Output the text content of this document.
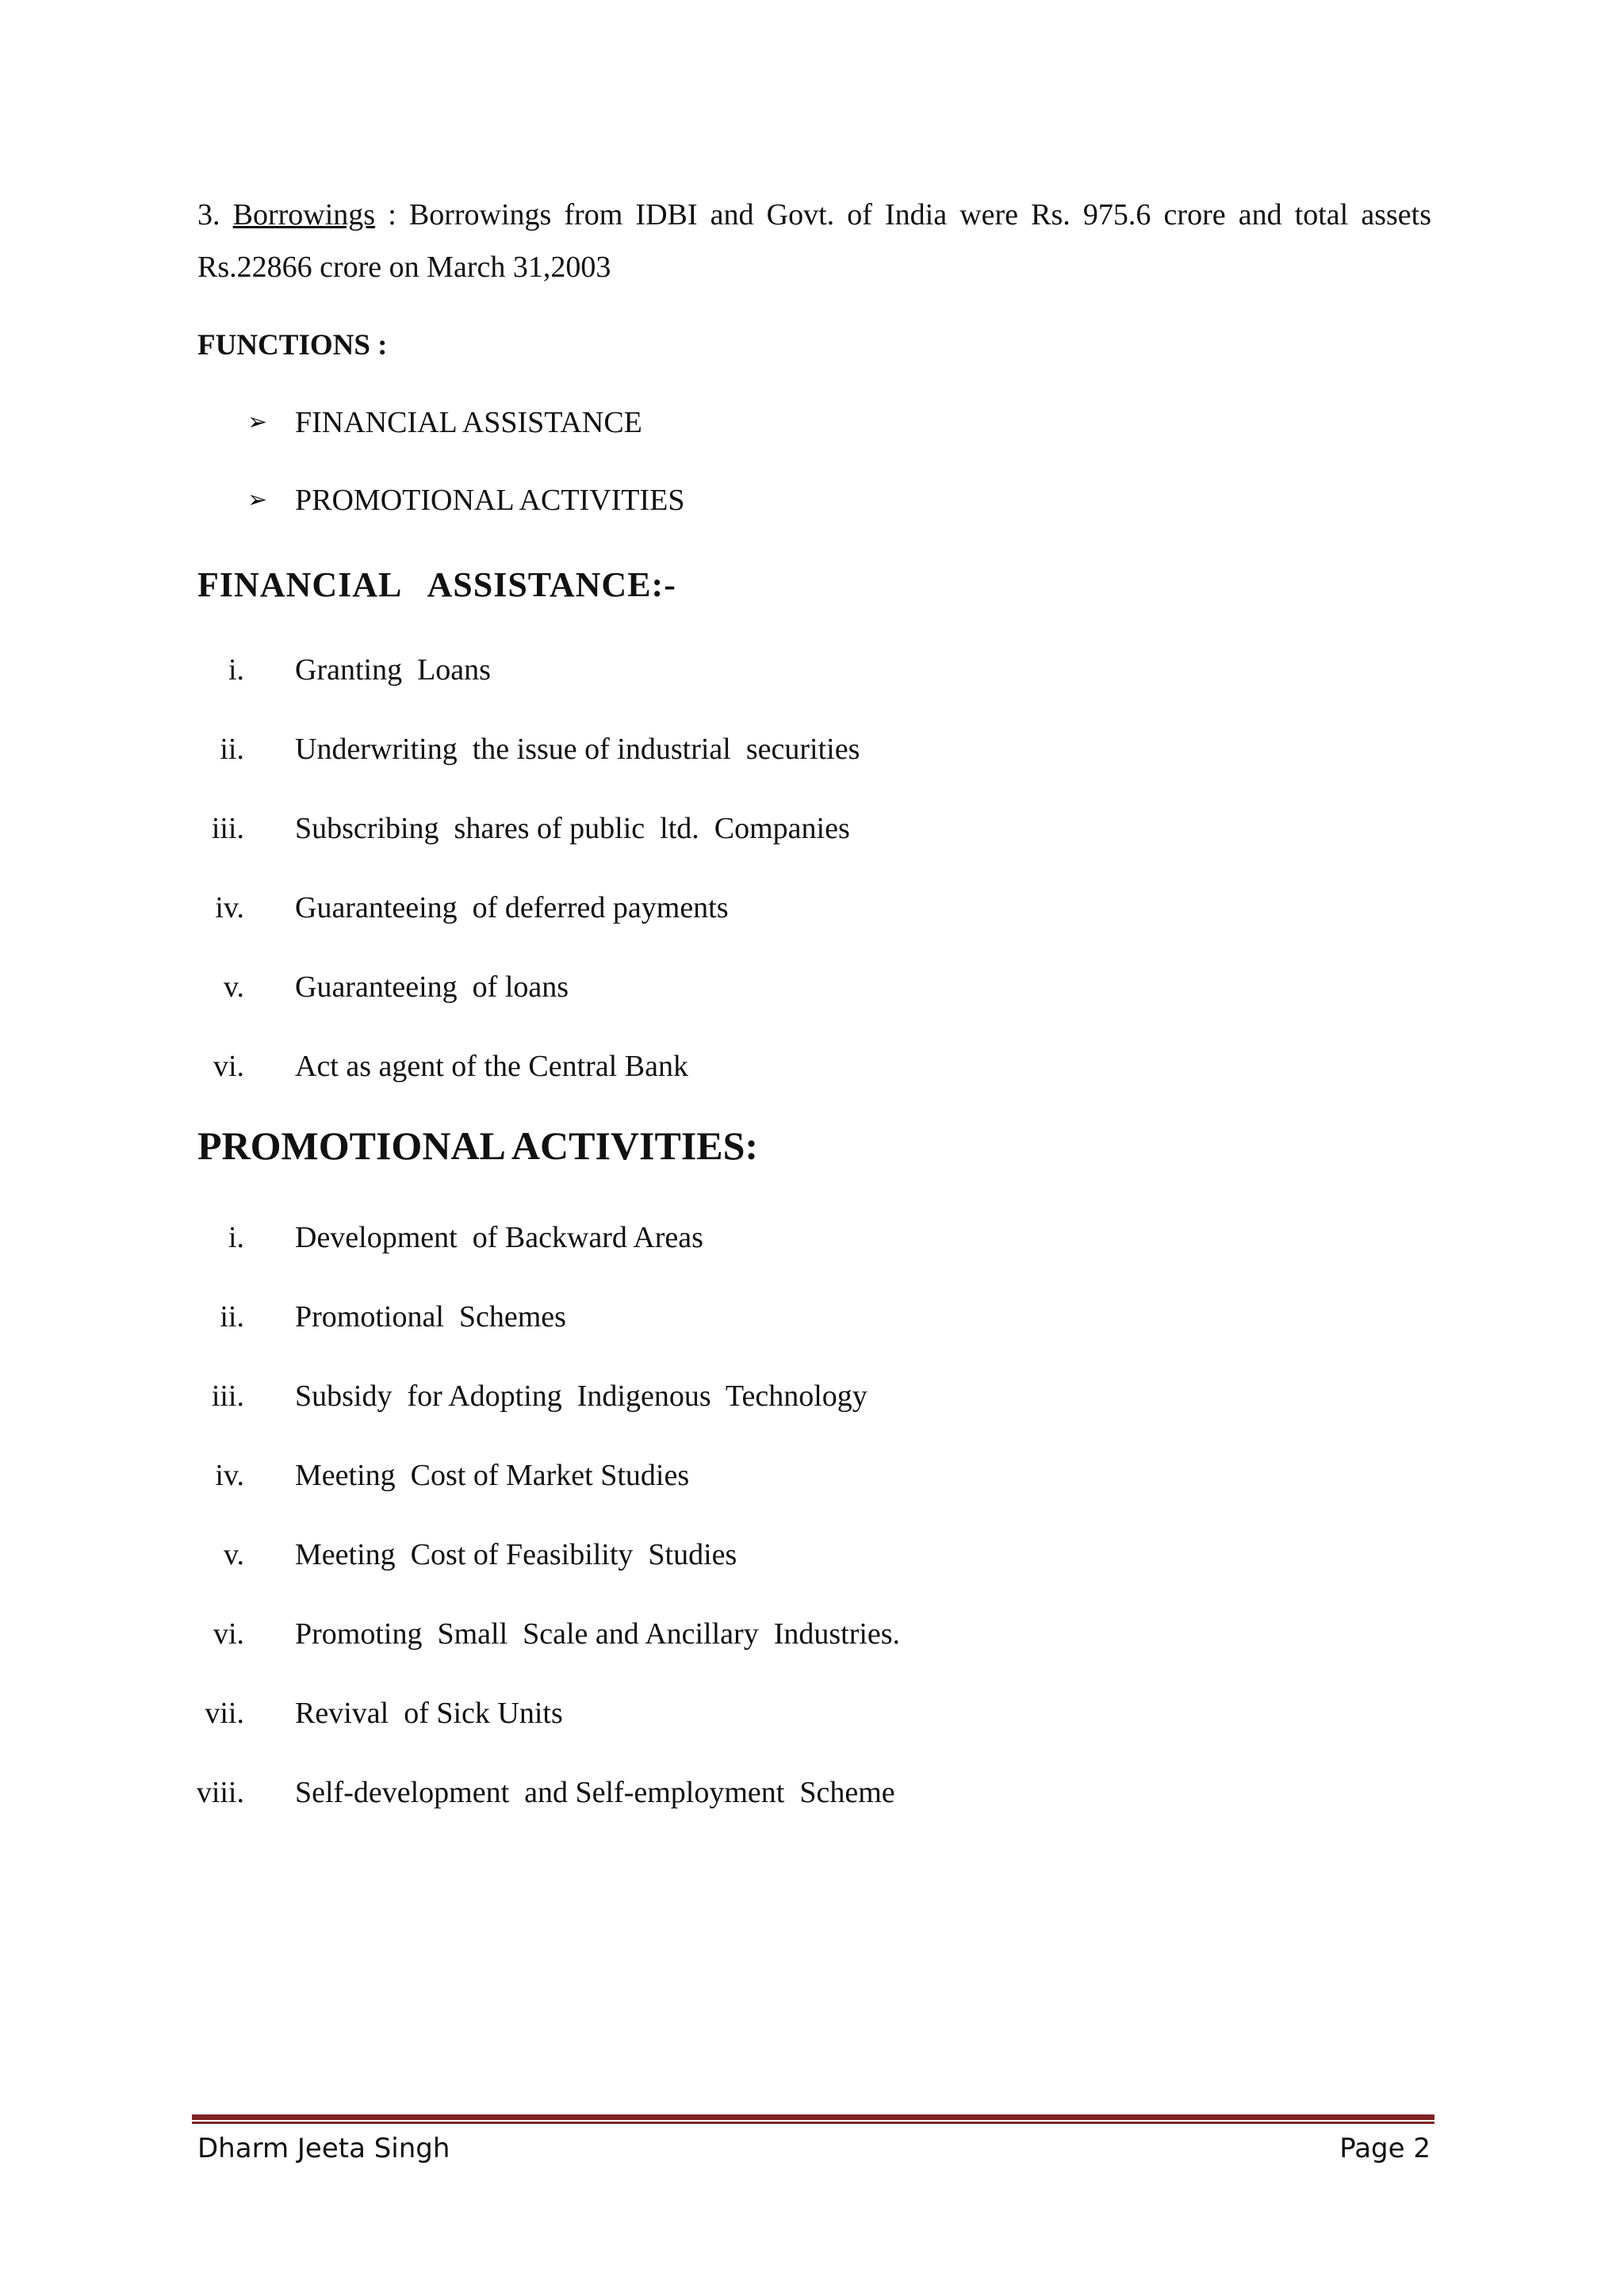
3. Borrowings : Borrowings from IDBI and Govt. of India were Rs. 975.6 crore and total assets Rs.22866 crore on March 31,2003

FUNCTIONS :
➢ FINANCIAL ASSISTANCE
➢ PROMOTIONAL ACTIVITIES
FINANCIAL   ASSISTANCE:-
i.	Granting  Loans
ii.	Underwriting  the issue of industrial  securities
iii.	Subscribing  shares of public  ltd.  Companies
iv.	Guaranteeing  of deferred payments
v.	Guaranteeing  of loans
vi.	Act as agent of the Central Bank
PROMOTIONAL ACTIVITIES:
i.	Development  of Backward Areas
ii.	Promotional  Schemes
iii.	Subsidy  for Adopting  Indigenous  Technology
iv.	Meeting  Cost of Market Studies
v.	Meeting  Cost of Feasibility  Studies
vi.	Promoting  Small  Scale and Ancillary  Industries.
vii.	Revival  of Sick Units
viii.	Self-development  and Self-employment  Scheme
Dharm Jeeta Singh	Page 2
